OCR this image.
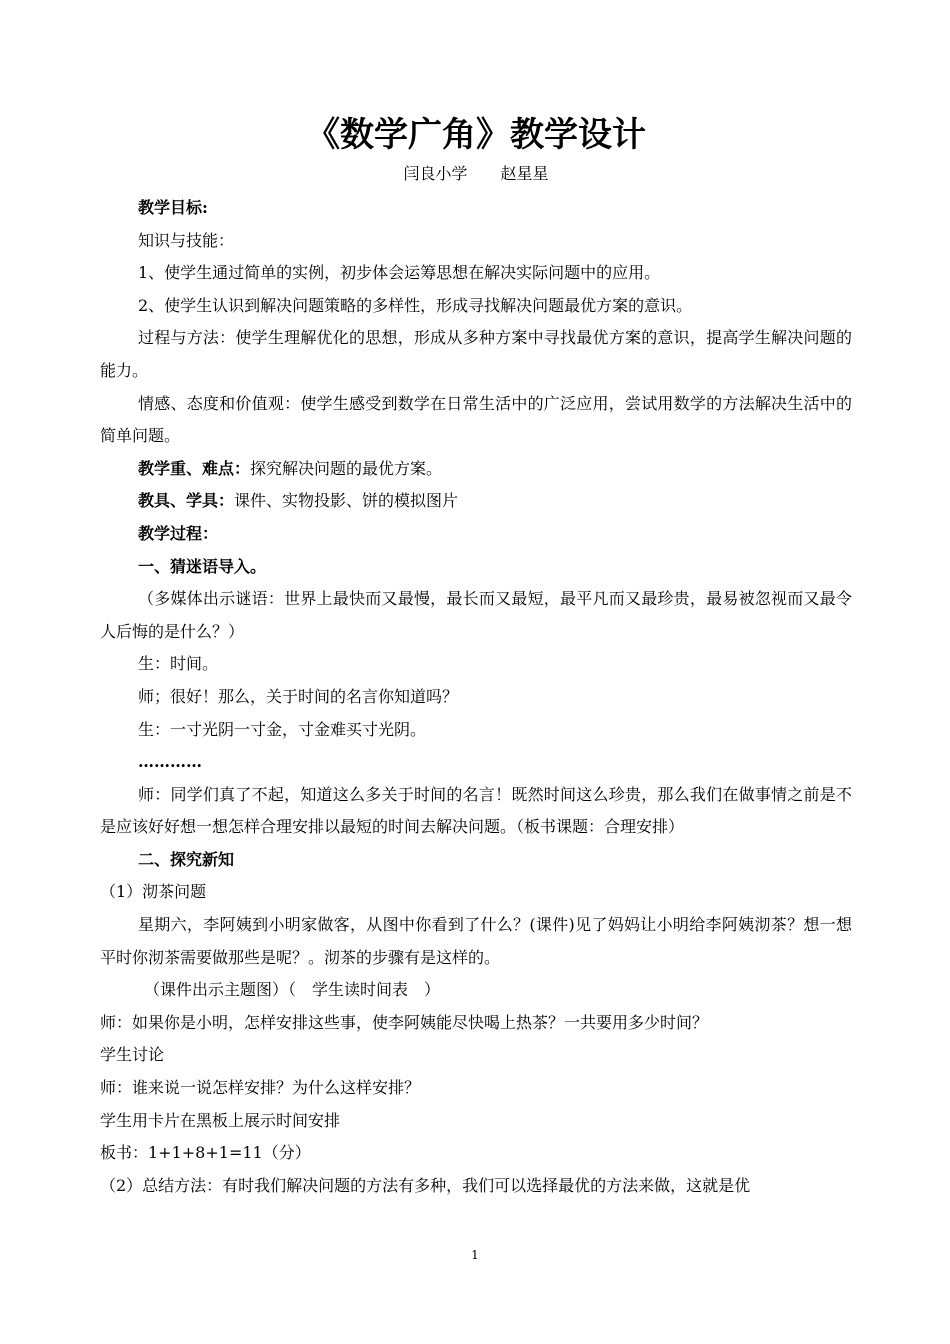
《数学广角》教学设计
闫良小学 赵星星

教学目标:

知识与技能：

1、使学生通过简单的实例，初步体会运筹思想在解决实际问题中的应用。

2、使学生认识到解决问题策略的多样性，形成寻找解决问题最优方案的意识。

过程与方法：使学生理解优化的思想，形成从多种方案中寻找最优方案的意识，提高学生解决问题的能力。

情感、态度和价值观：使学生感受到数学在日常生活中的广泛应用，尝试用数学的方法解决生活中的简单问题。

教学重、难点：探究解决问题的最优方案。

教具、学具：课件、实物投影、饼的模拟图片

教学过程：

一、猜迷语导入。

（多媒体出示谜语：世界上最快而又最慢，最长而又最短，最平凡而又最珍贵，最易被忽视而又最令人后悔的是什么？）

生：时间。

师；很好！那么，关于时间的名言你知道吗？

生：一寸光阴一寸金，寸金难买寸光阴。

…………

师：同学们真了不起，知道这么多关于时间的名言！既然时间这么珍贵，那么我们在做事情之前是不是应该好好想一想怎样合理安排以最短的时间去解决问题。（板书课题：合理安排）

二、探究新知

（1）沏茶问题

星期六，李阿姨到小明家做客，从图中你看到了什么？(课件)见了妈妈让小明给李阿姨沏茶？想一想平时你沏茶需要做那些是呢？。沏茶的步骤有是这样的。

（课件出示主题图）（　学生读时间表　）

师：如果你是小明，怎样安排这些事，使李阿姨能尽快喝上热茶？一共要用多少时间？

学生讨论

师：谁来说一说怎样安排？为什么这样安排？

学生用卡片在黑板上展示时间安排

板书：1+1+8+1=11（分）

（2）总结方法：有时我们解决问题的方法有多种，我们可以选择最优的方法来做，这就是优

1
